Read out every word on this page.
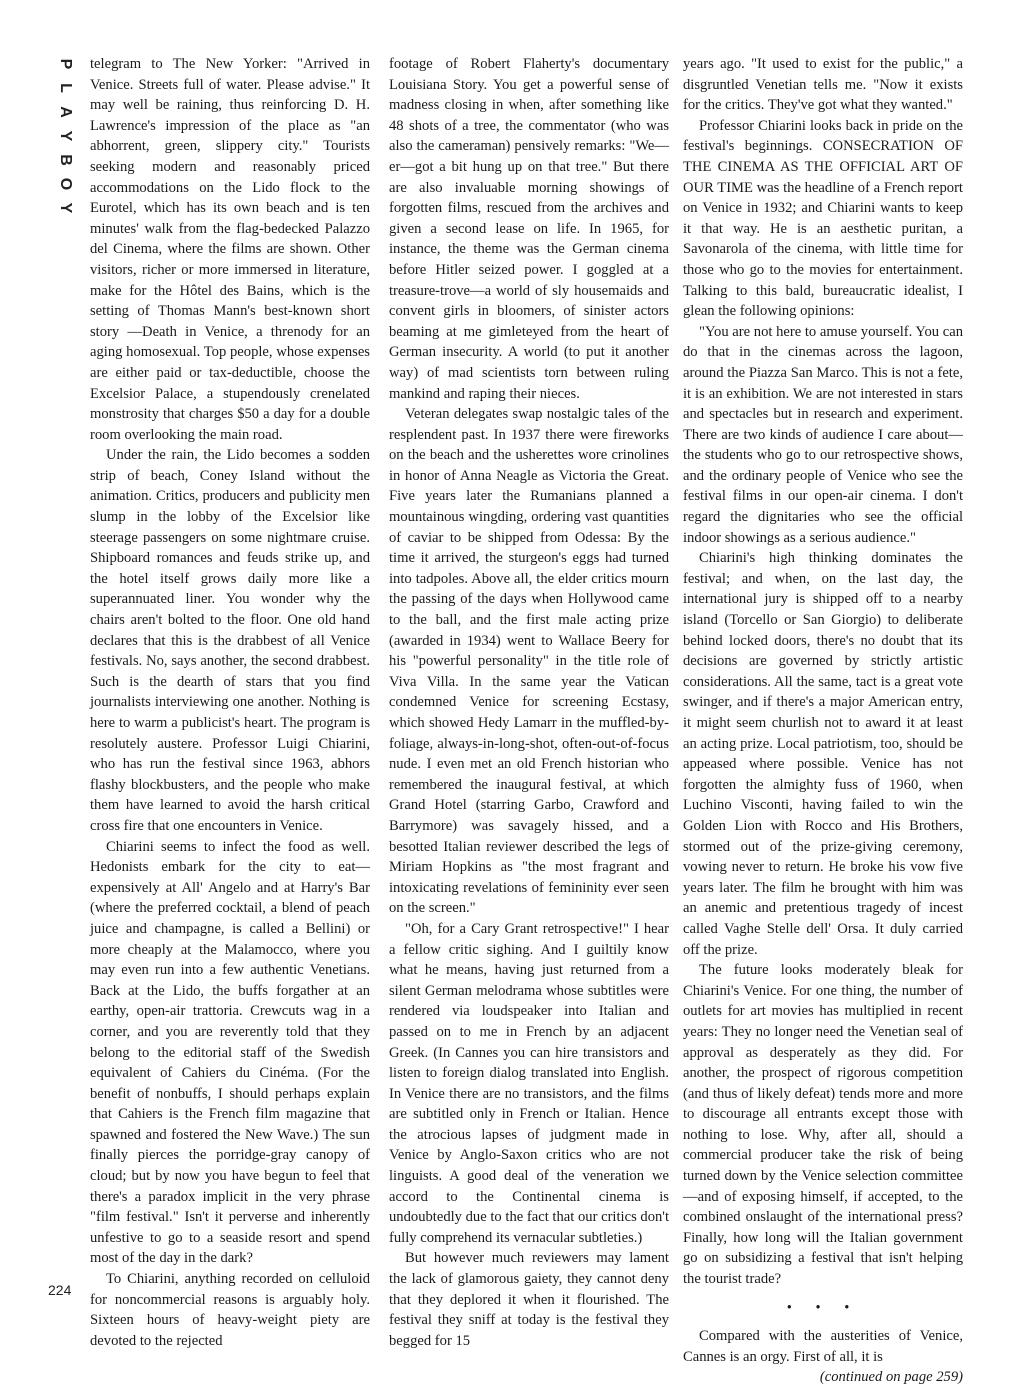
P
L
A
Y
B
O
Y
224

telegram to The New Yorker: "Arrived in Venice. Streets full of water. Please advise." It may well be raining, thus reinforcing D. H. Lawrence's impression of the place as "an abhorrent, green, slippery city." Tourists seeking modern and reasonably priced accommodations on the Lido flock to the Eurotel, which has its own beach and is ten minutes' walk from the flag-bedecked Palazzo del Cinema, where the films are shown. Other visitors, richer or more immersed in literature, make for the Hôtel des Bains, which is the setting of Thomas Mann's best-known short story —Death in Venice, a threnody for an aging homosexual. Top people, whose expenses are either paid or tax-deductible, choose the Excelsior Palace, a stupendously crenelated monstrosity that charges $50 a day for a double room overlooking the main road.

Under the rain, the Lido becomes a sodden strip of beach, Coney Island without the animation. Critics, producers and publicity men slump in the lobby of the Excelsior like steerage passengers on some nightmare cruise. Shipboard romances and feuds strike up, and the hotel itself grows daily more like a superannuated liner. You wonder why the chairs aren't bolted to the floor. One old hand declares that this is the drabbest of all Venice festivals. No, says another, the second drabbest. Such is the dearth of stars that you find journalists interviewing one another. Nothing is here to warm a publicist's heart. The program is resolutely austere. Professor Luigi Chiarini, who has run the festival since 1963, abhors flashy blockbusters, and the people who make them have learned to avoid the harsh critical cross fire that one encounters in Venice.

Chiarini seems to infect the food as well. Hedonists embark for the city to eat—expensively at All' Angelo and at Harry's Bar (where the preferred cocktail, a blend of peach juice and champagne, is called a Bellini) or more cheaply at the Malamocco, where you may even run into a few authentic Venetians. Back at the Lido, the buffs forgather at an earthy, open-air trattoria. Crewcuts wag in a corner, and you are reverently told that they belong to the editorial staff of the Swedish equivalent of Cahiers du Cinéma. (For the benefit of nonbuffs, I should perhaps explain that Cahiers is the French film magazine that spawned and fostered the New Wave.) The sun finally pierces the porridge-gray canopy of cloud; but by now you have begun to feel that there's a paradox implicit in the very phrase "film festival." Isn't it perverse and inherently unfestive to go to a seaside resort and spend most of the day in the dark?

To Chiarini, anything recorded on celluloid for noncommercial reasons is arguably holy. Sixteen hours of heavy-weight piety are devoted to the rejected

footage of Robert Flaherty's documentary Louisiana Story. You get a powerful sense of madness closing in when, after something like 48 shots of a tree, the commentator (who was also the cameraman) pensively remarks: "We—er—got a bit hung up on that tree." But there are also invaluable morning showings of forgotten films, rescued from the archives and given a second lease on life. In 1965, for instance, the theme was the German cinema before Hitler seized power. I goggled at a treasure-trove—a world of sly housemaids and convent girls in bloomers, of sinister actors beaming at me gimleteyed from the heart of German insecurity. A world (to put it another way) of mad scientists torn between ruling mankind and raping their nieces.

Veteran delegates swap nostalgic tales of the resplendent past. In 1937 there were fireworks on the beach and the usherettes wore crinolines in honor of Anna Neagle as Victoria the Great. Five years later the Rumanians planned a mountainous wingding, ordering vast quantities of caviar to be shipped from Odessa: By the time it arrived, the sturgeon's eggs had turned into tadpoles. Above all, the elder critics mourn the passing of the days when Hollywood came to the ball, and the first male acting prize (awarded in 1934) went to Wallace Beery for his "powerful personality" in the title role of Viva Villa. In the same year the Vatican condemned Venice for screening Ecstasy, which showed Hedy Lamarr in the muffled-by-foliage, always-in-long-shot, often-out-of-focus nude. I even met an old French historian who remembered the inaugural festival, at which Grand Hotel (starring Garbo, Crawford and Barrymore) was savagely hissed, and a besotted Italian reviewer described the legs of Miriam Hopkins as "the most fragrant and intoxicating revelations of femininity ever seen on the screen."

"Oh, for a Cary Grant retrospective!" I hear a fellow critic sighing. And I guiltily know what he means, having just returned from a silent German melodrama whose subtitles were rendered via loudspeaker into Italian and passed on to me in French by an adjacent Greek. (In Cannes you can hire transistors and listen to foreign dialog translated into English. In Venice there are no transistors, and the films are subtitled only in French or Italian. Hence the atrocious lapses of judgment made in Venice by Anglo-Saxon critics who are not linguists. A good deal of the veneration we accord to the Continental cinema is undoubtedly due to the fact that our critics don't fully comprehend its vernacular subtleties.)

But however much reviewers may lament the lack of glamorous gaiety, they cannot deny that they deplored it when it flourished. The festival they sniff at today is the festival they begged for 15

years ago. "It used to exist for the public," a disgruntled Venetian tells me. "Now it exists for the critics. They've got what they wanted."

Professor Chiarini looks back in pride on the festival's beginnings. CONSECRATION OF THE CINEMA AS THE OFFICIAL ART OF OUR TIME was the headline of a French report on Venice in 1932; and Chiarini wants to keep it that way. He is an aesthetic puritan, a Savonarola of the cinema, with little time for those who go to the movies for entertainment. Talking to this bald, bureaucratic idealist, I glean the following opinions:

"You are not here to amuse yourself. You can do that in the cinemas across the lagoon, around the Piazza San Marco. This is not a fete, it is an exhibition. We are not interested in stars and spectacles but in research and experiment. There are two kinds of audience I care about—the students who go to our retrospective shows, and the ordinary people of Venice who see the festival films in our open-air cinema. I don't regard the dignitaries who see the official indoor showings as a serious audience."

Chiarini's high thinking dominates the festival; and when, on the last day, the international jury is shipped off to a nearby island (Torcello or San Giorgio) to deliberate behind locked doors, there's no doubt that its decisions are governed by strictly artistic considerations. All the same, tact is a great vote swinger, and if there's a major American entry, it might seem churlish not to award it at least an acting prize. Local patriotism, too, should be appeased where possible. Venice has not forgotten the almighty fuss of 1960, when Luchino Visconti, having failed to win the Golden Lion with Rocco and His Brothers, stormed out of the prize-giving ceremony, vowing never to return. He broke his vow five years later. The film he brought with him was an anemic and pretentious tragedy of incest called Vaghe Stelle dell' Orsa. It duly carried off the prize.

The future looks moderately bleak for Chiarini's Venice. For one thing, the number of outlets for art movies has multiplied in recent years: They no longer need the Venetian seal of approval as desperately as they did. For another, the prospect of rigorous competition (and thus of likely defeat) tends more and more to discourage all entrants except those with nothing to lose. Why, after all, should a commercial producer take the risk of being turned down by the Venice selection committee—and of exposing himself, if accepted, to the combined onslaught of the international press? Finally, how long will the Italian government go on subsidizing a festival that isn't helping the tourist trade?

• • •

Compared with the austerities of Venice, Cannes is an orgy. First of all, it is

(continued on page 259)
